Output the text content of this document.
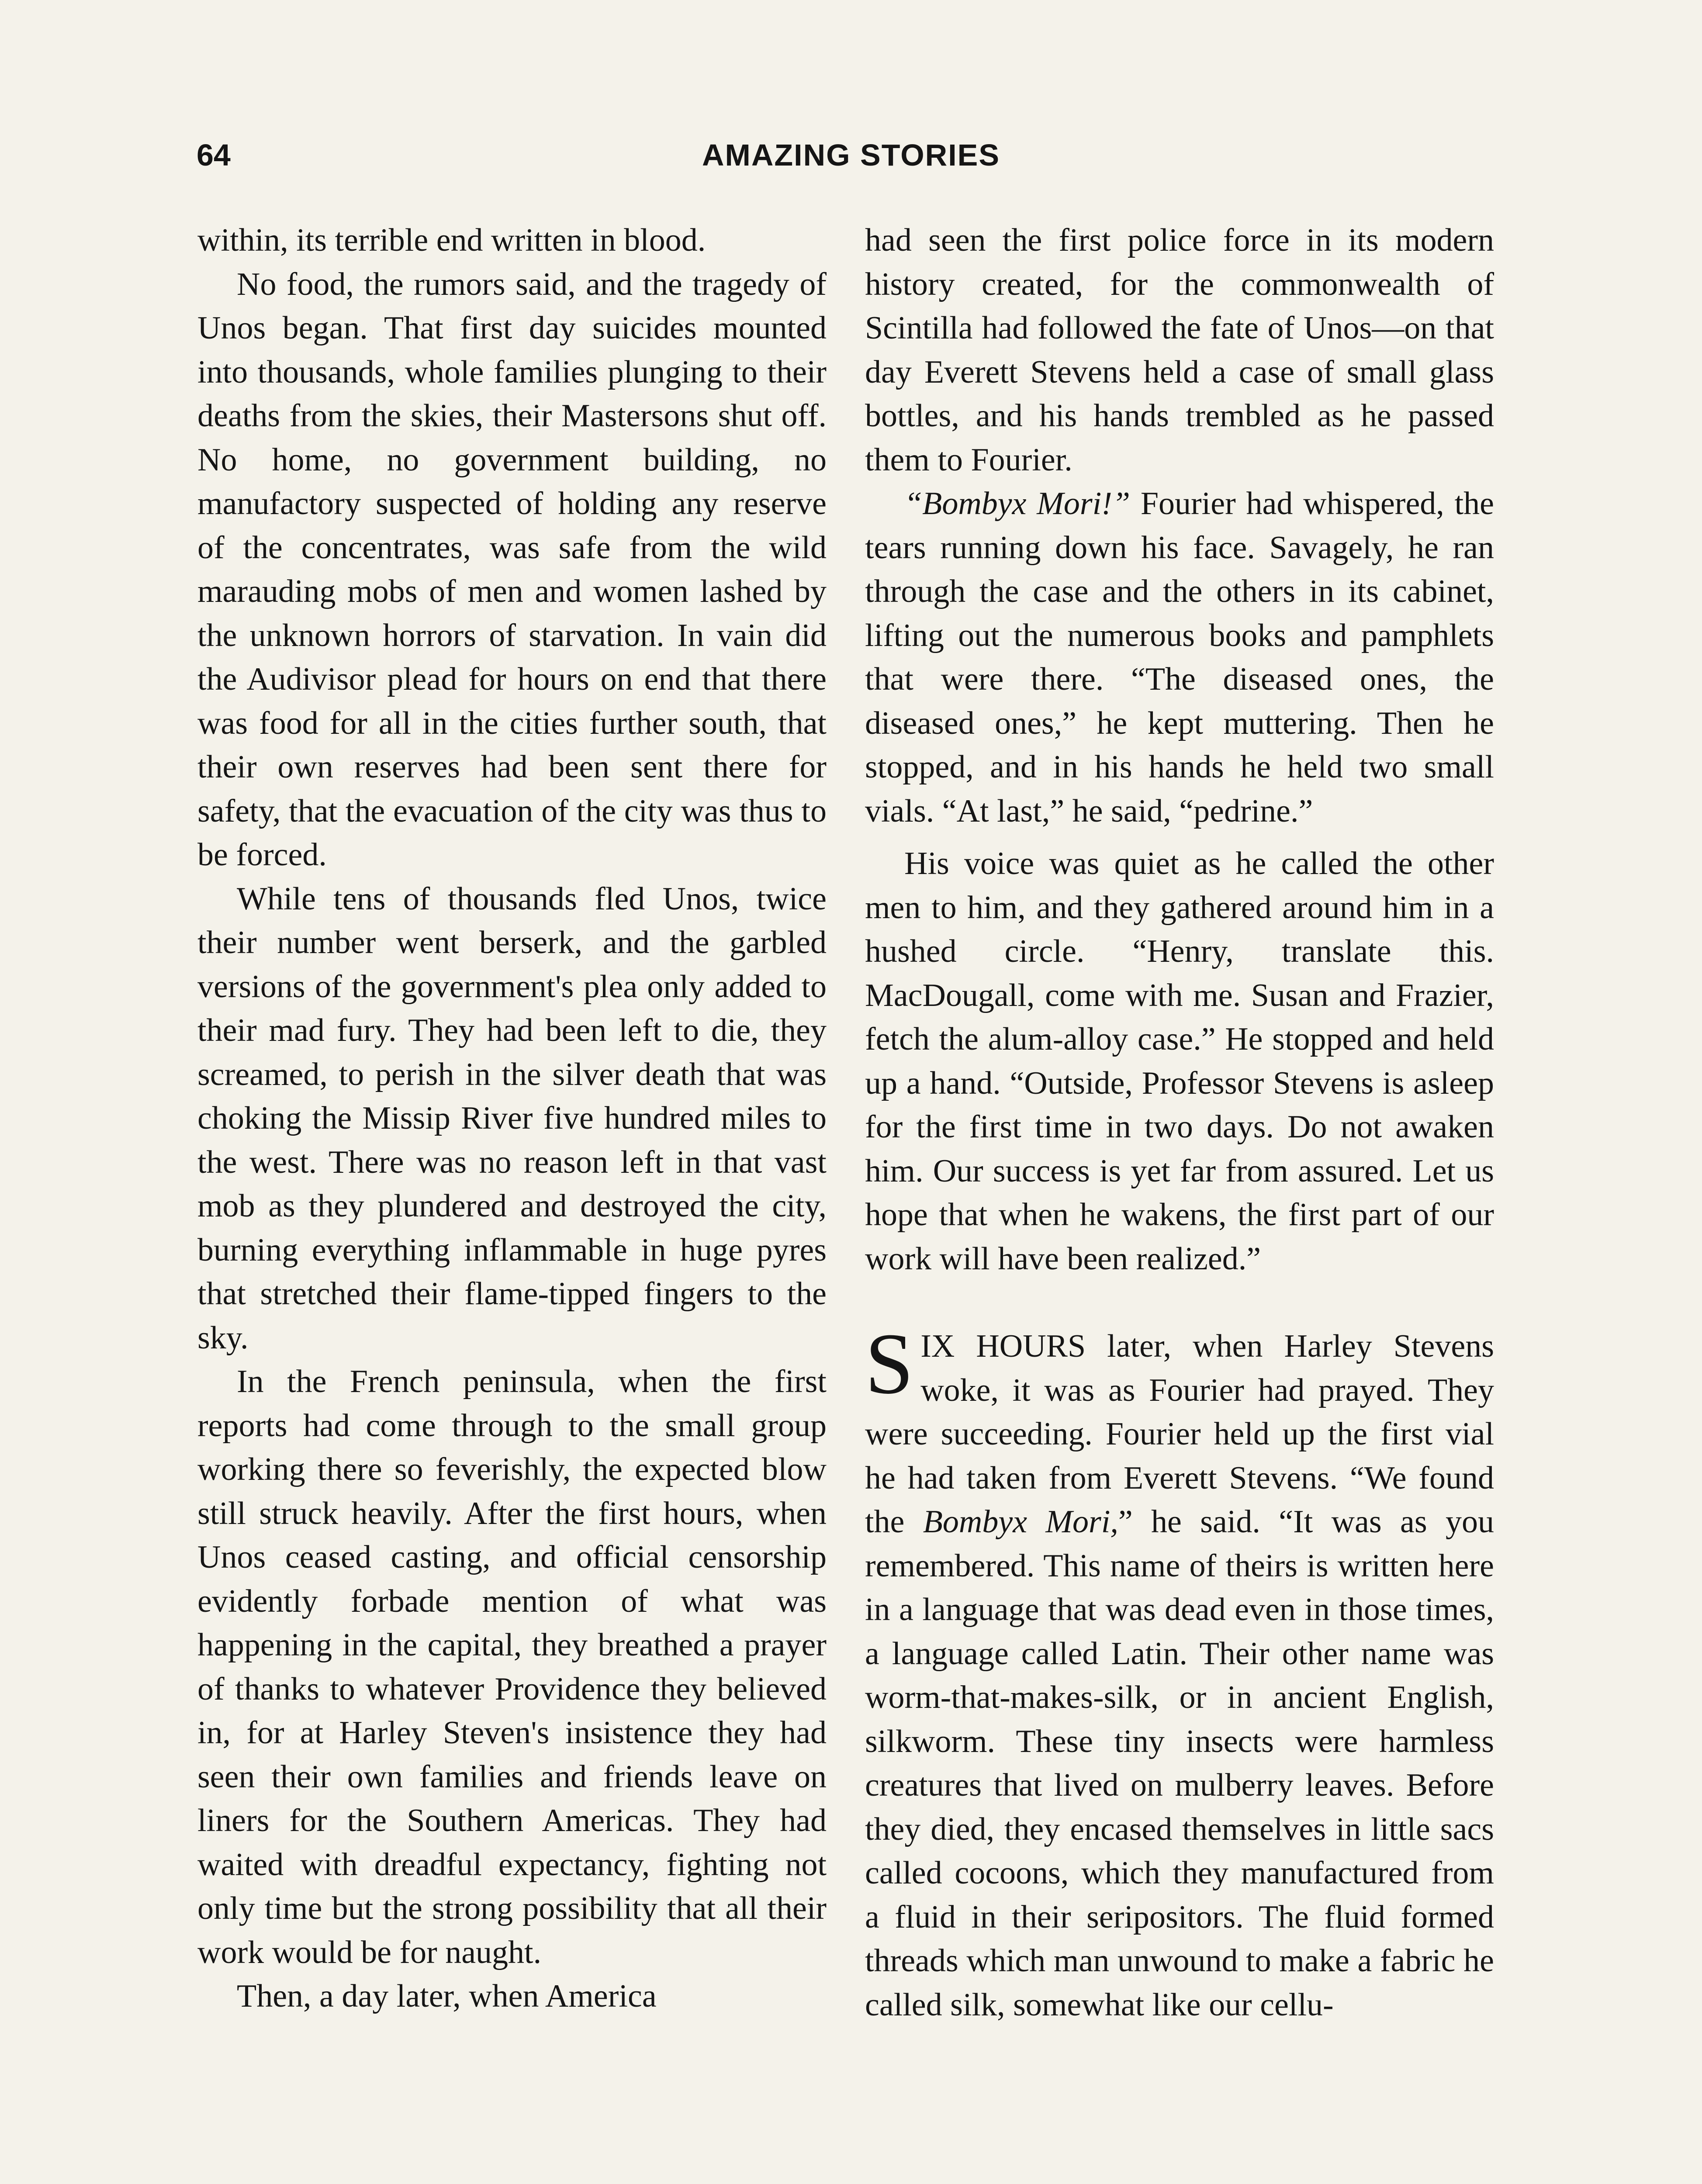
64	AMAZING STORIES

within, its terrible end written in blood.

No food, the rumors said, and the tragedy of Unos began. That first day suicides mounted into thousands, whole families plunging to their deaths from the skies, their Mastersons shut off. No home, no government building, no manufactory suspected of holding any reserve of the concentrates, was safe from the wild marauding mobs of men and women lashed by the unknown horrors of starvation. In vain did the Audivisor plead for hours on end that there was food for all in the cities further south, that their own reserves had been sent there for safety, that the evacuation of the city was thus to be forced.

While tens of thousands fled Unos, twice their number went berserk, and the garbled versions of the government's plea only added to their mad fury. They had been left to die, they screamed, to perish in the silver death that was choking the Missip River five hundred miles to the west. There was no reason left in that vast mob as they plundered and destroyed the city, burning everything inflammable in huge pyres that stretched their flame-tipped fingers to the sky.

In the French peninsula, when the first reports had come through to the small group working there so feverishly, the expected blow still struck heavily. After the first hours, when Unos ceased casting, and official censorship evidently forbade mention of what was happening in the capital, they breathed a prayer of thanks to whatever Providence they believed in, for at Harley Steven's insistence they had seen their own families and friends leave on liners for the Southern Americas. They had waited with dreadful expectancy, fighting not only time but the strong possibility that all their work would be for naught.

Then, a day later, when America

had seen the first police force in its modern history created, for the commonwealth of Scintilla had followed the fate of Unos—on that day Everett Stevens held a case of small glass bottles, and his hands trembled as he passed them to Fourier.

“Bombyx Mori!” Fourier had whispered, the tears running down his face. Savagely, he ran through the case and the others in its cabinet, lifting out the numerous books and pamphlets that were there. “The diseased ones, the diseased ones,” he kept muttering. Then he stopped, and in his hands he held two small vials. “At last,” he said, “pedrine.”

His voice was quiet as he called the other men to him, and they gathered around him in a hushed circle. “Henry, translate this. MacDougall, come with me. Susan and Frazier, fetch the alum-alloy case.” He stopped and held up a hand. “Outside, Professor Stevens is asleep for the first time in two days. Do not awaken him. Our success is yet far from assured. Let us hope that when he wakens, the first part of our work will have been realized.”

SIX HOURS later, when Harley Stevens woke, it was as Fourier had prayed. They were succeeding. Fourier held up the first vial he had taken from Everett Stevens. “We found the Bombyx Mori,” he said. “It was as you remembered. This name of theirs is written here in a language that was dead even in those times, a language called Latin. Their other name was worm-that-makes-silk, or in ancient English, silkworm. These tiny insects were harmless creatures that lived on mulberry leaves. Before they died, they encased themselves in little sacs called cocoons, which they manufactured from a fluid in their seripositors. The fluid formed threads which man unwound to make a fabric he called silk, somewhat like our cellu-
